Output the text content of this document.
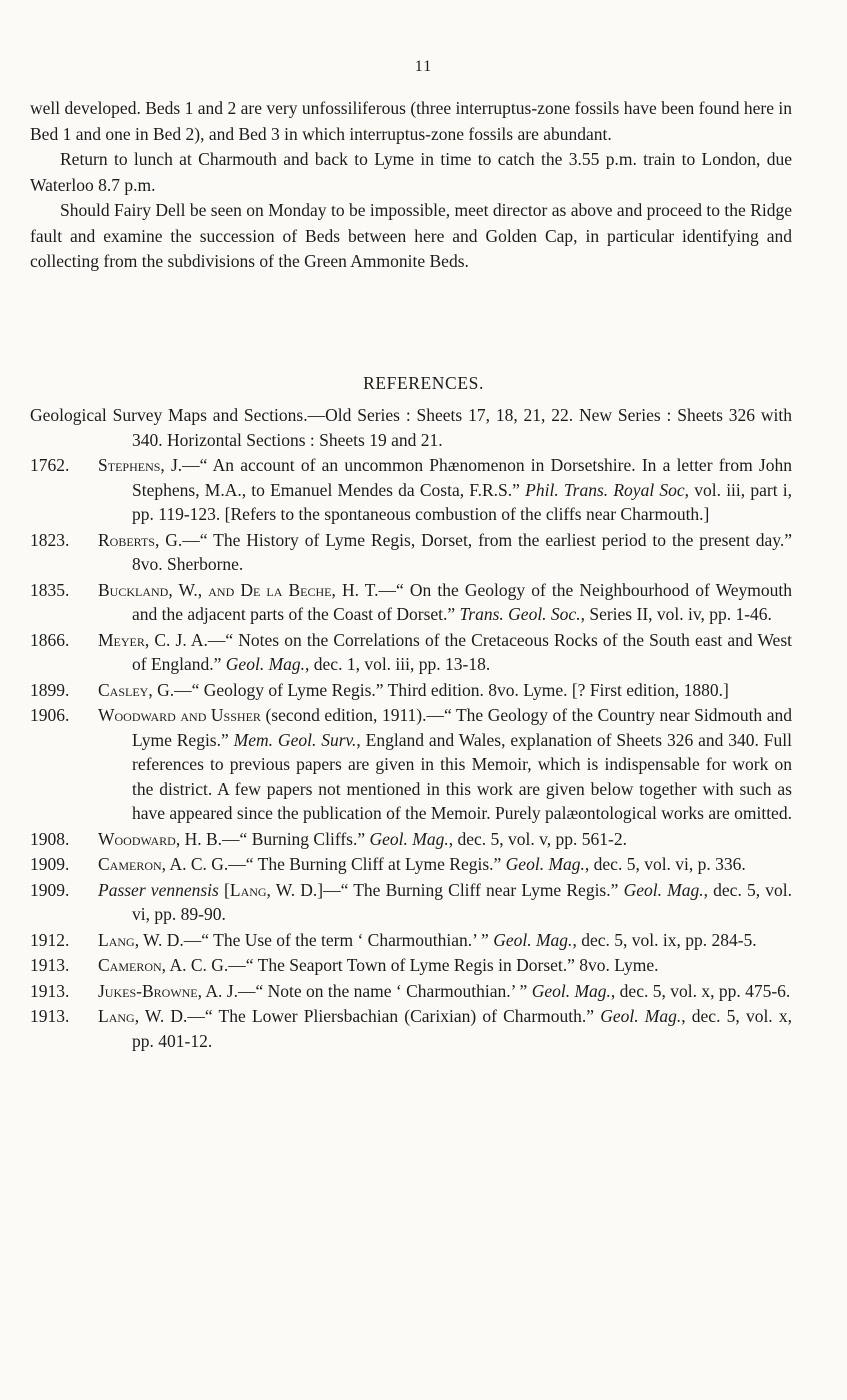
11

well developed. Beds 1 and 2 are very unfossiliferous (three interruptus-zone fossils have been found here in Bed 1 and one in Bed 2), and Bed 3 in which interruptus-zone fossils are abundant.

Return to lunch at Charmouth and back to Lyme in time to catch the 3.55 p.m. train to London, due Waterloo 8.7 p.m.

Should Fairy Dell be seen on Monday to be impossible, meet director as above and proceed to the Ridge fault and examine the succession of Beds between here and Golden Cap, in particular identifying and collecting from the subdivisions of the Green Ammonite Beds.

REFERENCES.
Geological Survey Maps and Sections.—Old Series : Sheets 17, 18, 21, 22. New Series : Sheets 326 with 340. Horizontal Sections : Sheets 19 and 21.
1762.	Stephens, J.—“ An account of an uncommon Phænomenon in Dorsetshire. In a letter from John Stephens, M.A., to Emanuel Mendes da Costa, F.R.S.” Phil. Trans. Royal Soc, vol. iii, part i, pp. 119-123. [Refers to the spontaneous combustion of the cliffs near Charmouth.]
1823.	Roberts, G.—“ The History of Lyme Regis, Dorset, from the earliest period to the present day.” 8vo. Sherborne.
1835.	Buckland, W., and De la Beche, H. T.—“ On the Geology of the Neighbourhood of Weymouth and the adjacent parts of the Coast of Dorset.” Trans. Geol. Soc., Series II, vol. iv, pp. 1-46.
1866.	Meyer, C. J. A.—“ Notes on the Correlations of the Cretaceous Rocks of the South east and West of England.” Geol. Mag., dec. 1, vol. iii, pp. 13-18.
1899.	Casley, G.—“ Geology of Lyme Regis.” Third edition. 8vo. Lyme. [? First edition, 1880.]
1906.	Woodward and Ussher (second edition, 1911).—“ The Geology of the Country near Sidmouth and Lyme Regis.” Mem. Geol. Surv., England and Wales, explanation of Sheets 326 and 340. Full references to previous papers are given in this Memoir, which is indispensable for work on the district. A few papers not mentioned in this work are given below together with such as have appeared since the publication of the Memoir. Purely palæontological works are omitted.
1908.	Woodward, H. B.—“ Burning Cliffs.” Geol. Mag., dec. 5, vol. v, pp. 561-2.
1909.	Cameron, A. C. G.—“ The Burning Cliff at Lyme Regis.” Geol. Mag., dec. 5, vol. vi, p. 336.
1909.	Passer vennensis [Lang, W. D.]—“ The Burning Cliff near Lyme Regis.” Geol. Mag., dec. 5, vol. vi, pp. 89-90.
1912.	Lang, W. D.—“ The Use of the term ‘ Charmouthian.’ ” Geol. Mag., dec. 5, vol. ix, pp. 284-5.
1913.	Cameron, A. C. G.—“ The Seaport Town of Lyme Regis in Dorset.” 8vo. Lyme.
1913.	Jukes-Browne, A. J.—“ Note on the name ‘ Charmouthian.’ ” Geol. Mag., dec. 5, vol. x, pp. 475-6.
1913.	Lang, W. D.—“ The Lower Pliersbachian (Carixian) of Charmouth.” Geol. Mag., dec. 5, vol. x, pp. 401-12.
